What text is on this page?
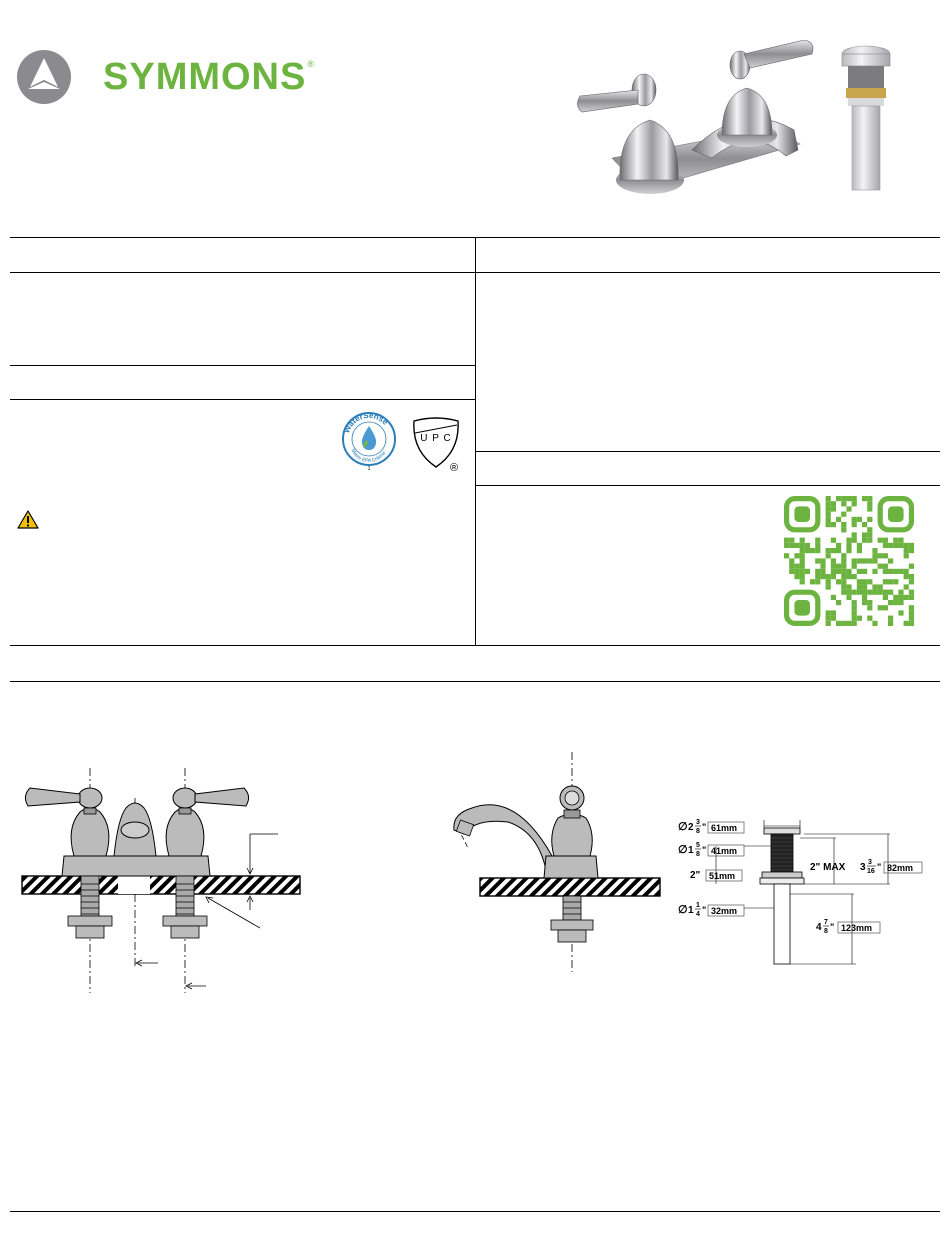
SYMMONS®
WaterSense
Meets EPA Criteria
1
U P C
®
∅ 2 3
8 " 61mm
∅ 1 5
8 " 41mm
2" 51mm
2" MAX 3 3
16 " 82mm
∅ 1 1
4 " 32mm
4 7
8 " 123mm
